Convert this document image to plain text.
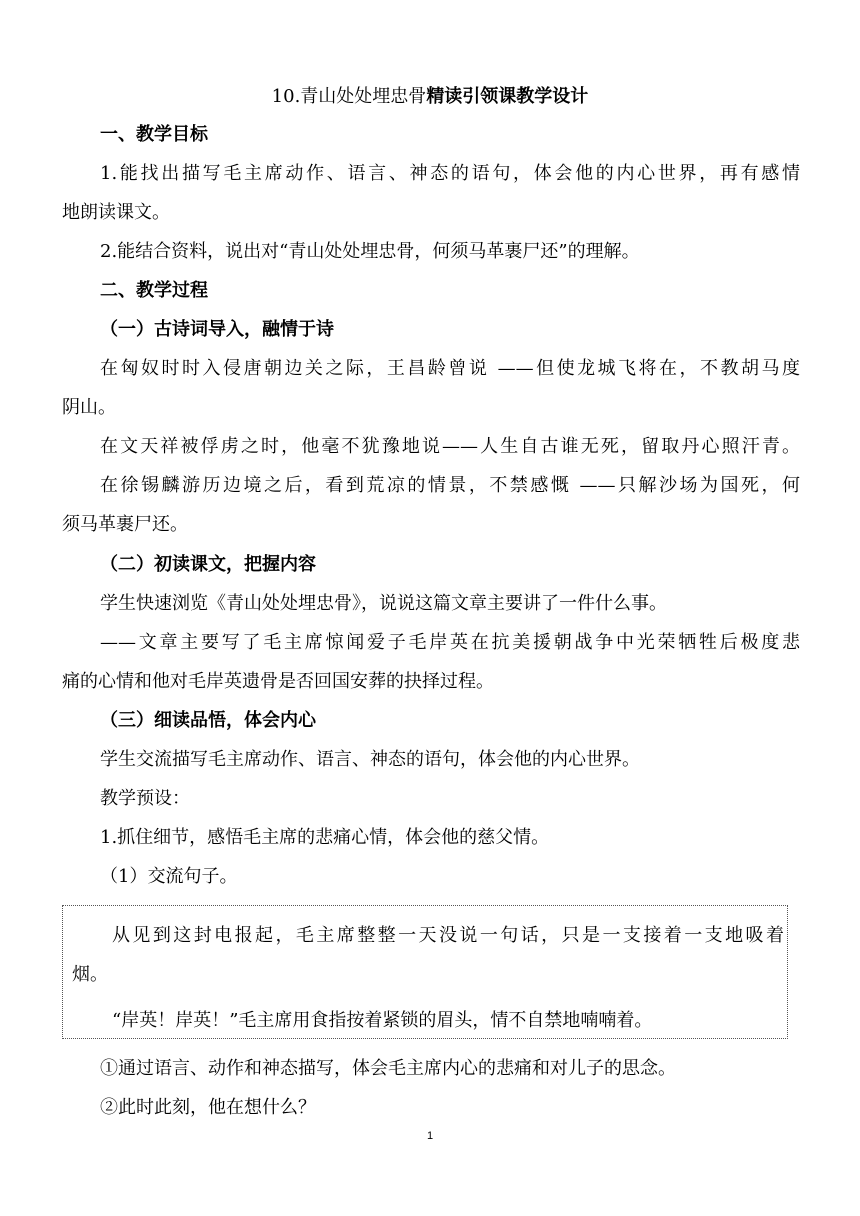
10.青山处处埋忠骨精读引领课教学设计
一、教学目标
1.能找出描写毛主席动作、语言、神态的语句，体会他的内心世界，再有感情
地朗读课文。
2.能结合资料，说出对“青山处处埋忠骨，何须马革裹尸还”的理解。
二、教学过程
（一）古诗词导入，融情于诗
在匈奴时时入侵唐朝边关之际，王昌龄曾说 ——但使龙城飞将在，不教胡马度
阴山。
在文天祥被俘虏之时，他毫不犹豫地说——人生自古谁无死，留取丹心照汗青。
在徐锡麟游历边境之后，看到荒凉的情景，不禁感慨 ——只解沙场为国死，何
须马革裹尸还。
（二）初读课文，把握内容
学生快速浏览《青山处处埋忠骨》，说说这篇文章主要讲了一件什么事。
——文章主要写了毛主席惊闻爱子毛岸英在抗美援朝战争中光荣牺牲后极度悲
痛的心情和他对毛岸英遗骨是否回国安葬的抉择过程。
（三）细读品悟，体会内心
学生交流描写毛主席动作、语言、神态的语句，体会他的内心世界。
教学预设：
1.抓住细节，感悟毛主席的悲痛心情，体会他的慈父情。
（1）交流句子。
从见到这封电报起，毛主席整整一天没说一句话，只是一支接着一支地吸着
烟。
“岸英！岸英！”毛主席用食指按着紧锁的眉头，情不自禁地喃喃着。
①通过语言、动作和神态描写，体会毛主席内心的悲痛和对儿子的思念。
②此时此刻，他在想什么？
1
